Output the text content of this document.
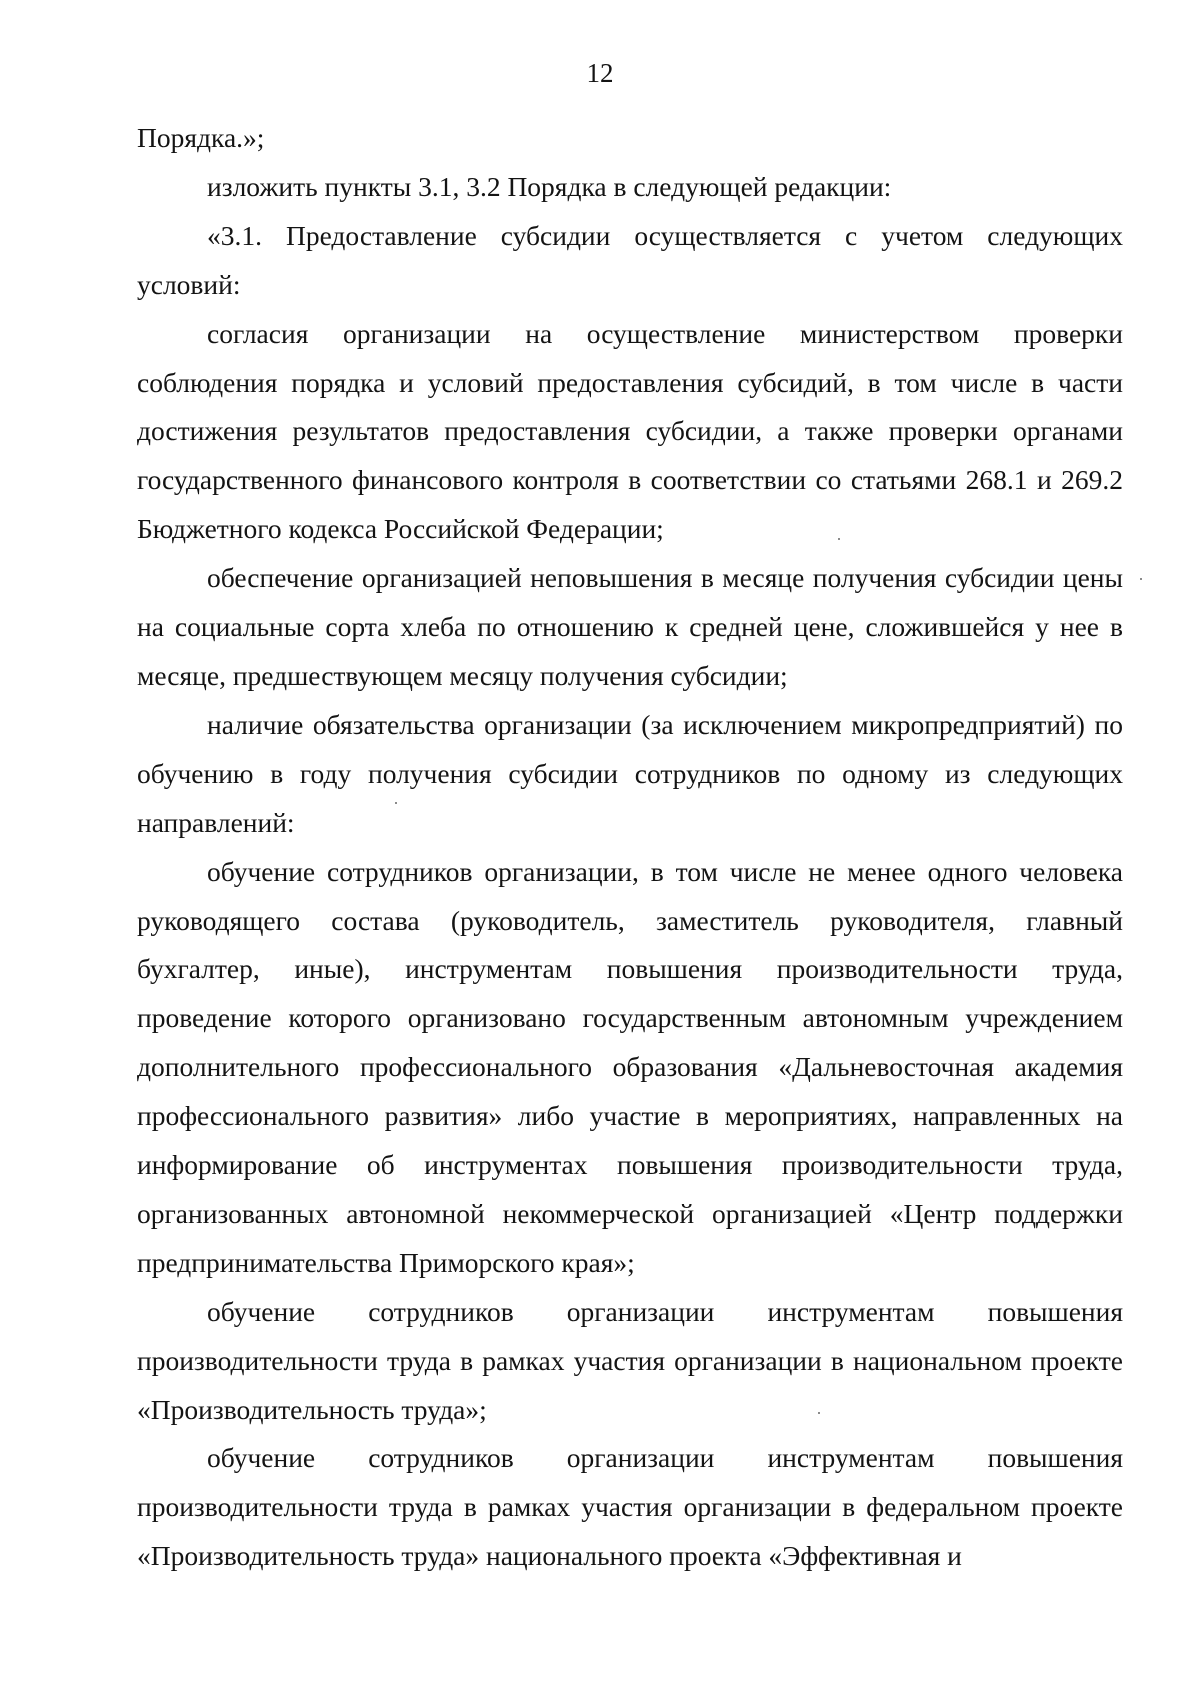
12

Порядка.»;

изложить пункты 3.1, 3.2 Порядка в следующей редакции:

«3.1. Предоставление субсидии осуществляется с учетом следующих условий:

согласия организации на осуществление министерством проверки соблюдения порядка и условий предоставления субсидий, в том числе в части достижения результатов предоставления субсидии, а также проверки органами государственного финансового контроля в соответствии со статьями 268.1 и 269.2 Бюджетного кодекса Российской Федерации;

обеспечение организацией неповышения в месяце получения субсидии цены на социальные сорта хлеба по отношению к средней цене, сложившейся у нее в месяце, предшествующем месяцу получения субсидии;

наличие обязательства организации (за исключением микропредприятий) по обучению в году получения субсидии сотрудников по одному из следующих направлений:

обучение сотрудников организации, в том числе не менее одного человека руководящего состава (руководитель, заместитель руководителя, главный бухгалтер, иные), инструментам повышения производительности труда, проведение которого организовано государственным автономным учреждением дополнительного профессионального образования «Дальневосточная академия профессионального развития» либо участие в мероприятиях, направленных на информирование об инструментах повышения производительности труда, организованных автономной некоммерческой организацией «Центр поддержки предпринимательства Приморского края»;

обучение сотрудников организации инструментам повышения производительности труда в рамках участия организации в национальном проекте «Производительность труда»;

обучение сотрудников организации инструментам повышения производительности труда в рамках участия организации в федеральном проекте «Производительность труда» национального проекта «Эффективная и
